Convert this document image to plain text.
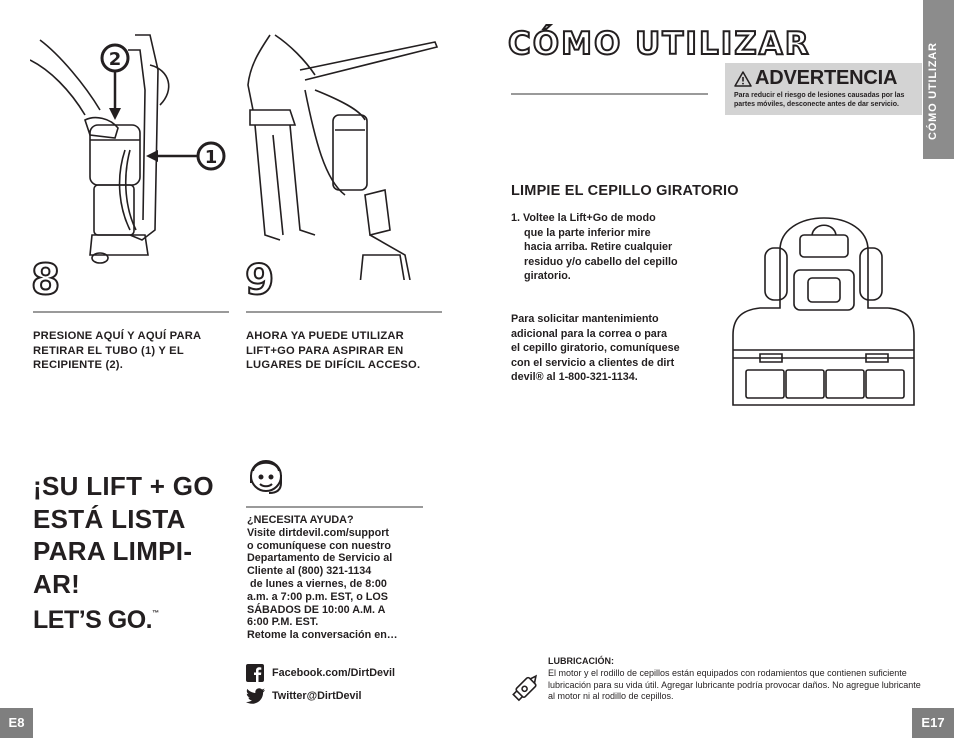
2
1
8
PRESIONE AQUÍ Y AQUÍ PARA RETIRAR EL TUBO (1) Y EL RECIPIENTE (2).
9
AHORA YA PUEDE UTILIZAR LIFT+GO PARA ASPIRAR EN LUGARES DE DIFÍCIL ACCESO.
¡SU LIFT + GO ESTÁ LISTA PARA LIMPI- AR!
LET’S GO.™
¿NECESITA AYUDA?
Visite dirtdevil.com/support
o comuníquese con nuestro
Departamento de Servicio al
Cliente al (800) 321-1134
de lunes a viernes, de 8:00
a.m. a 7:00 p.m. EST, o LOS
SÁBADOS DE 10:00 A.M. A
6:00 P.M. EST.
Retome la conversación en…
Facebook.com/DirtDevil
Twitter@DirtDevil
E8
CÓMO UTILIZAR
ADVERTENCIA
Para reducir el riesgo de lesiones causadas por las partes móviles, desconecte antes de dar servicio.	CÓMO UTILIZAR
LIMPIE EL CEPILLO GIRATORIO
1. Voltee la Lift+Go de modo
que la parte inferior mire
hacia arriba. Retire cualquier
residuo y/o cabello del cepillo
giratorio.
Para solicitar mantenimiento
adicional para la correa o para
el cepillo giratorio, comuníquese
con el servicio a clientes de dirt
devil® al 1-800-321-1134.
LUBRICACIÓN:
El motor y el rodillo de cepillos están equipados con rodamientos que contienen suficiente lubricación para su vida útil. Agregar lubricante podría provocar daños. No agregue lubricante al motor ni al rodillo de cepillos.
E17
